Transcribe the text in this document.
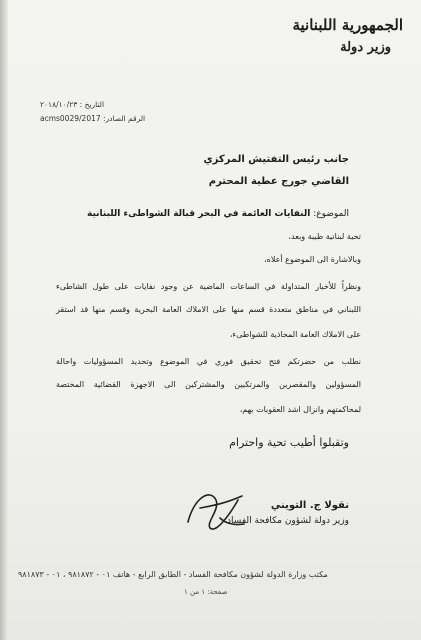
الجمهورية اللبنانية
وزير دولة
التاريخ : ٢٠١٨/١٠/٢٣
الرقم الصادر: acms0029/2017
جانب رئيس التفتيش المركزي
القاضي جورج عطية المحترم
الموضوع: النفايات العائمة في البحر قبالة الشواطىء اللبنانية
تحية لبنانية طيبة وبعد،
وبالاشارة الى الموضوع أعلاه،
ونظراً للأخبار المتداولة في الساعات الماضية عن وجود نفايات على طول الشاطىء
اللبناني في مناطق متعددة قسم منها على الاملاك العامة البحرية وقسم منها قد استقر
على الاملاك العامة المحاذية للشواطىء،
نطلب من حضرتكم فتح تحقيق فوري في الموضوع وتحديد المسؤوليات واحالة
المسؤولين والمقصرين والمرتكبين والمشتركين الى الاجهزة القضائية المختصة
لمحاكمتهم وانزال اشد العقوبات بهم،
وتقبلوا أطيب تحية واحترام
نقولا ج. التويني
وزير دولة لشؤون مكافحة الفساد
مكتب وزارة الدولة لشؤون مكافحة الفساد - الطابق الرابع - هاتف ٠١ - ٩٨١٨٧٢ ، ٠١ - ٩٨١٨٧٣
صفحة: ١ من ١
